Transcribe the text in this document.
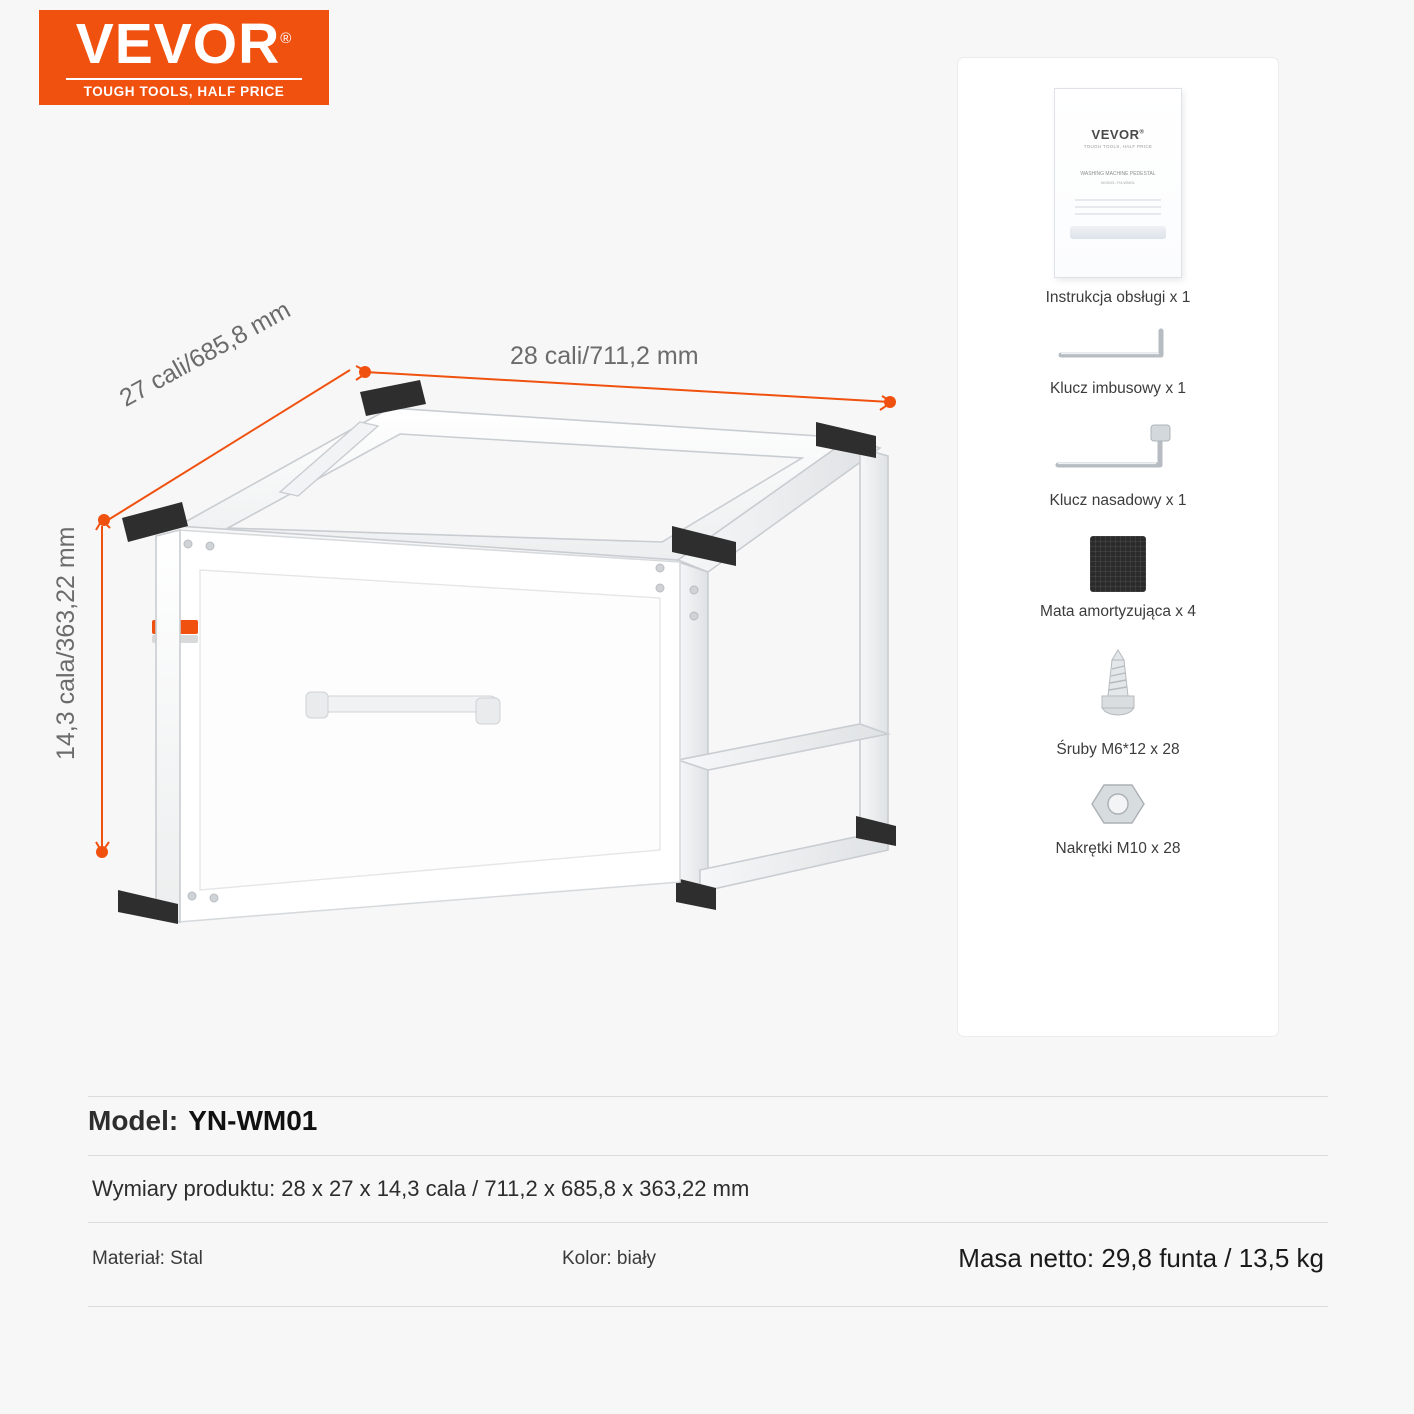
VEVOR®
TOUGH TOOLS, HALF PRICE
28 cali/711,2 mm
27 cali/685,8 mm
14,3 cala/363,22 mm
VEVOR®
TOUGH TOOLS, HALF PRICE
WASHING MACHINE PEDESTAL
MODEL:YN-WM01
Instrukcja obsługi x 1
Klucz imbusowy x 1
Klucz nasadowy x 1
Mata amortyzująca x 4
Śruby M6*12 x 28
Nakrętki M10 x 28
Model: YN-WM01
Wymiary produktu: 28 x 27 x 14,3 cala / 711,2 x 685,8 x 363,22 mm
Materiał: Stal	Kolor: biały	Masa netto: 29,8 funta / 13,5 kg
